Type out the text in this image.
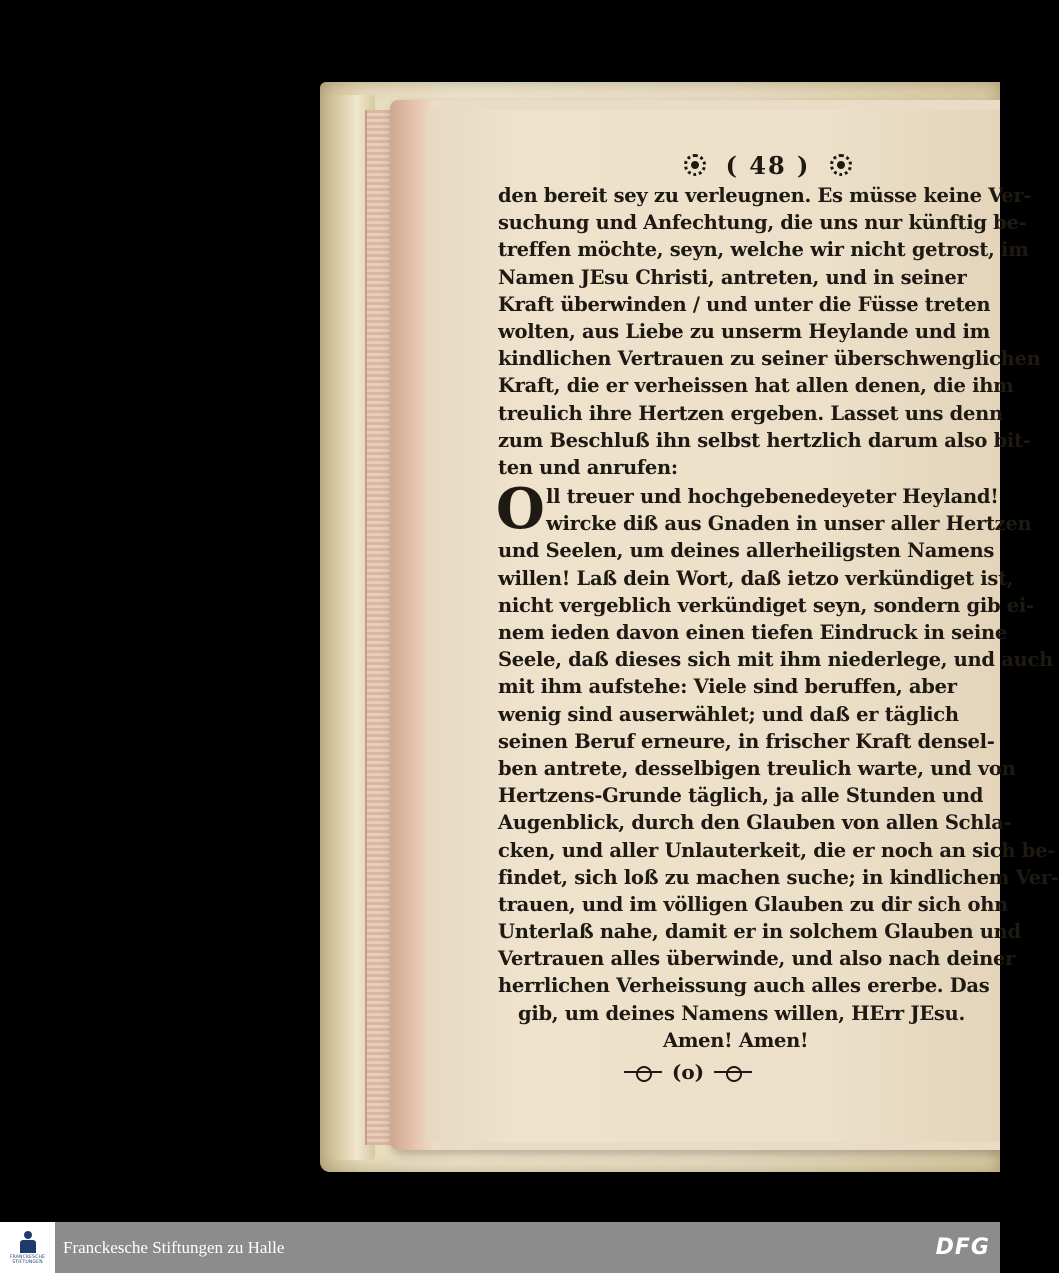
( 48 )
den bereit sey zu verleugnen. Es müsse keine Ver-
suchung und Anfechtung, die uns nur künftig be-
treffen möchte, seyn, welche wir nicht getrost, im
Namen JEsu Christi, antreten, und in seiner
Kraft überwinden / und unter die Füsse treten
wolten, aus Liebe zu unserm Heylande und im
kindlichen Vertrauen zu seiner überschwenglichen
Kraft, die er verheissen hat allen denen, die ihm
treulich ihre Hertzen ergeben. Lasset uns denn
zum Beschluß ihn selbst hertzlich darum also bit-
ten und anrufen:
O ll treuer und hochgebenedeyeter Heyland!
wircke diß aus Gnaden in unser aller Hertzen
und Seelen, um deines allerheiligsten Namens
willen! Laß dein Wort, daß ietzo verkündiget ist,
nicht vergeblich verkündiget seyn, sondern gib ei-
nem ieden davon einen tiefen Eindruck in seine
Seele, daß dieses sich mit ihm niederlege, und auch
mit ihm aufstehe: Viele sind beruffen, aber
wenig sind auserwählet; und daß er täglich
seinen Beruf erneure, in frischer Kraft densel-
ben antrete, desselbigen treulich warte, und von
Hertzens-Grunde täglich, ja alle Stunden und
Augenblick, durch den Glauben von allen Schla-
cken, und aller Unlauterkeit, die er noch an sich be-
findet, sich loß zu machen suche; in kindlichem Ver-
trauen, und im völligen Glauben zu dir sich ohn
Unterlaß nahe, damit er in solchem Glauben und
Vertrauen alles überwinde, und also nach deiner
herrlichen Verheissung auch alles ererbe. Das
gib, um deines Namens willen, HErr JEsu.
Amen! Amen!
(o)
FRANCKESCHE STIFTUNGEN
Franckesche Stiftungen zu Halle	DFG
